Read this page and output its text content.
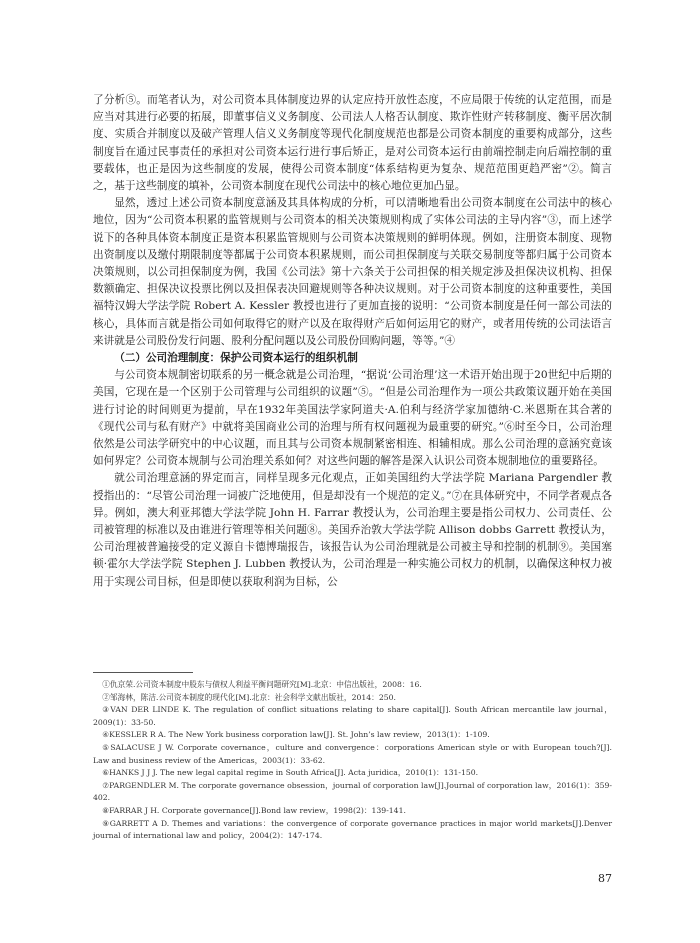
了分析⑤。而笔者认为，对公司资本具体制度边界的认定应持开放性态度，不应局限于传统的认定范围，而是应当对其进行必要的拓展，即董事信义义务制度、公司法人人格否认制度、欺诈性财产转移制度、衡平居次制度、实质合并制度以及破产管理人信义义务制度等现代化制度规范也都是公司资本制度的重要构成部分，这些制度旨在通过民事责任的承担对公司资本运行进行事后矫正，是对公司资本运行由前端控制走向后端控制的重要载体，也正是因为这些制度的发展，使得公司资本制度“体系结构更为复杂、规范范围更趋严密”②。简言之，基于这些制度的填补，公司资本制度在现代公司法中的核心地位更加凸显。

显然，透过上述公司资本制度意涵及其具体构成的分析，可以清晰地看出公司资本制度在公司法中的核心地位，因为“公司资本积累的监管规则与公司资本的相关决策规则构成了实体公司法的主导内容”③，而上述学说下的各种具体资本制度正是资本积累监管规则与公司资本决策规则的鲜明体现。例如，注册资本制度、现物出资制度以及缴付期限制度等都属于公司资本积累规则，而公司担保制度与关联交易制度等都归属于公司资本决策规则，以公司担保制度为例，我国《公司法》第十六条关于公司担保的相关规定涉及担保决议机构、担保数额确定、担保决议投票比例以及担保表决回避规则等各种决议规则。对于公司资本制度的这种重要性，美国福特汉姆大学法学院 Robert A. Kessler 教授也进行了更加直接的说明：“公司资本制度是任何一部公司法的核心，具体而言就是指公司如何取得它的财产以及在取得财产后如何运用它的财产，或者用传统的公司法语言来讲就是公司股份发行问题、股利分配问题以及公司股份回购问题，等等。”④

（二）公司治理制度：保护公司资本运行的组织机制

与公司资本规制密切联系的另一概念就是公司治理，“据说‘公司治理’这一术语开始出现于20世纪中后期的美国，它现在是一个区别于公司管理与公司组织的议题”⑤。“但是公司治理作为一项公共政策议题开始在美国进行讨论的时间则更为提前，早在1932年美国法学家阿道夫·A.伯利与经济学家加德纳·C.米恩斯在其合著的《现代公司与私有财产》中就将美国商业公司的治理与所有权问题视为最重要的研究。”⑥时至今日，公司治理依然是公司法学研究中的中心议题，而且其与公司资本规制紧密相连、相辅相成。那么公司治理的意涵究竟该如何界定？公司资本规制与公司治理关系如何？对这些问题的解答是深入认识公司资本规制地位的重要路径。

就公司治理意涵的界定而言，同样呈现多元化观点，正如美国纽约大学法学院 Mariana Pargendler 教授指出的：“尽管公司治理一词被广泛地使用，但是却没有一个规范的定义。”⑦在具体研究中，不同学者观点各异。例如，澳大利亚邦德大学法学院 John H. Farrar 教授认为，公司治理主要是指公司权力、公司责任、公司被管理的标准以及由谁进行管理等相关问题⑧。美国乔治敦大学法学院 Allison dobbs Garrett 教授认为，公司治理被普遍接受的定义源自卡德博瑞报告，该报告认为公司治理就是公司被主导和控制的机制⑨。美国塞顿·霍尔大学法学院 Stephen J. Lubben 教授认为，公司治理是一种实施公司权力的机制，以确保这种权力被用于实现公司目标，但是即使以获取利润为目标，公

①仇京荣.公司资本制度中股东与债权人利益平衡问题研究[M].北京：中信出版社，2008：16.

②邹海林，陈洁.公司资本制度的现代化[M].北京：社会科学文献出版社，2014：250.

③VAN DER LINDE K. The regulation of conflict situations relating to share capital[J]. South African mercantile law journal，2009(1)：33-50.

④KESSLER R A. The New York business corporation law[J]. St. John’s law review，2013(1)：1-109.

⑤SALACUSE J W. Corporate covernance，culture and convergence：corporations American style or with European touch?[J]. Law and business review of the Americas，2003(1)：33-62.

⑥HANKS J J J. The new legal capital regime in South Africa[J]. Acta juridica，2010(1)：131-150.

⑦PARGENDLER M. The corporate governance obsession，journal of corporation law[J].Journal of corporation law，2016(1)：359-402.

⑧FARRAR J H. Corporate governance[J].Bond law review，1998(2)：139-141.

⑨GARRETT A D. Themes and variations：the convergence of corporate governance practices in major world markets[J].Denver journal of international law and policy，2004(2)：147-174.

87
